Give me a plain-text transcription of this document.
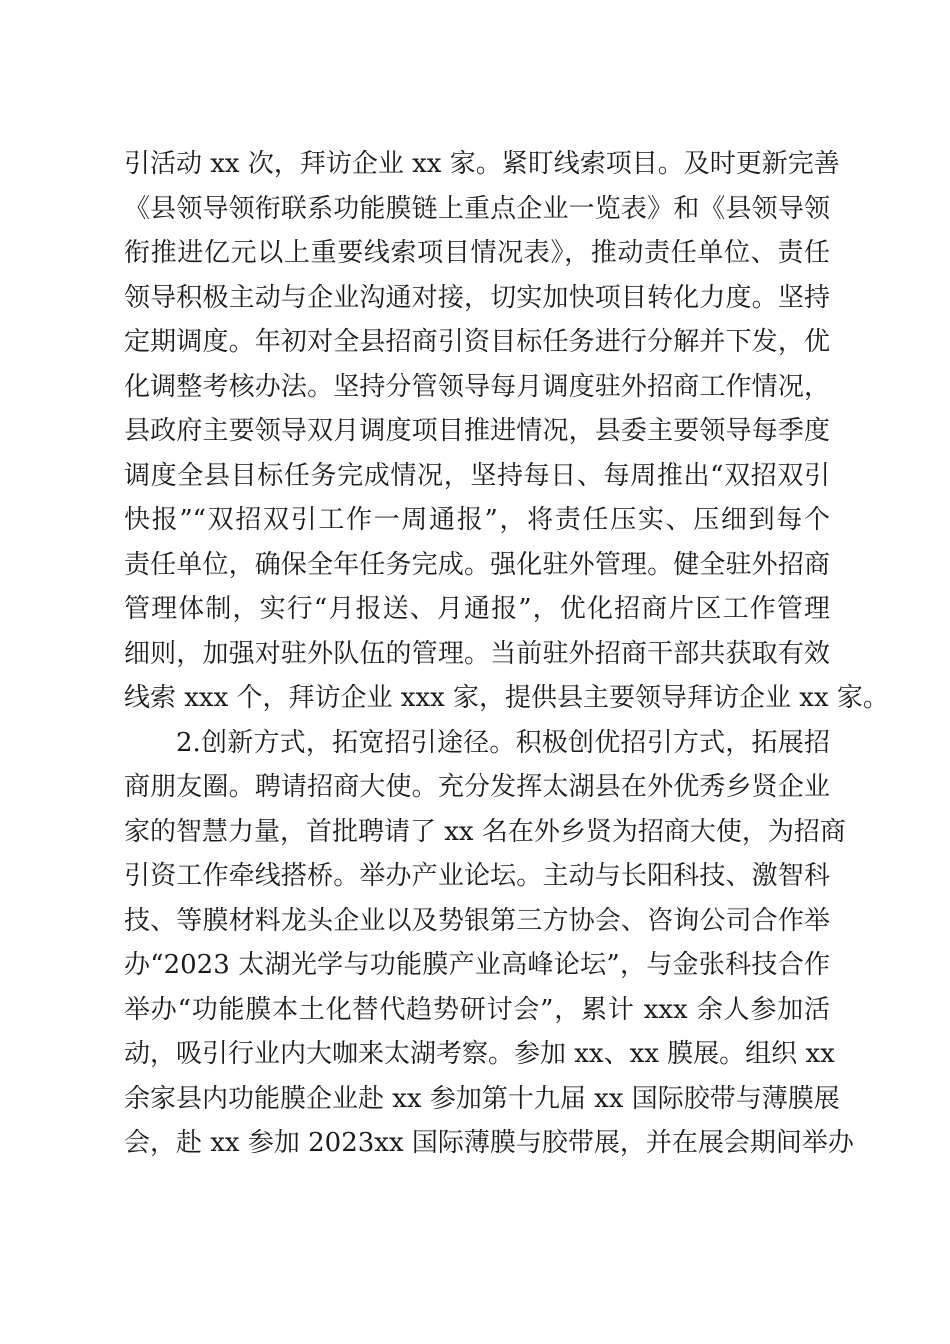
引活动 xx 次，拜访企业 xx 家。紧盯线索项目。及时更新完善
《县领导领衔联系功能膜链上重点企业一览表》和《县领导领
衔推进亿元以上重要线索项目情况表》，推动责任单位、责任
领导积极主动与企业沟通对接，切实加快项目转化力度。坚持
定期调度。年初对全县招商引资目标任务进行分解并下发，优
化调整考核办法。坚持分管领导每月调度驻外招商工作情况，
县政府主要领导双月调度项目推进情况，县委主要领导每季度
调度全县目标任务完成情况，坚持每日、每周推出“双招双引
快报”“双招双引工作一周通报”，将责任压实、压细到每个
责任单位，确保全年任务完成。强化驻外管理。健全驻外招商
管理体制，实行“月报送、月通报”，优化招商片区工作管理
细则，加强对驻外队伍的管理。当前驻外招商干部共获取有效
线索 xxx 个，拜访企业 xxx 家，提供县主要领导拜访企业 xx 家。
2.创新方式，拓宽招引途径。积极创优招引方式，拓展招
商朋友圈。聘请招商大使。充分发挥太湖县在外优秀乡贤企业
家的智慧力量，首批聘请了 xx 名在外乡贤为招商大使，为招商
引资工作牵线搭桥。举办产业论坛。主动与长阳科技、激智科
技、等膜材料龙头企业以及势银第三方协会、咨询公司合作举
办“2023 太湖光学与功能膜产业高峰论坛”，与金张科技合作
举办“功能膜本土化替代趋势研讨会”，累计 xxx 余人参加活
动，吸引行业内大咖来太湖考察。参加 xx、xx 膜展。组织 xx
余家县内功能膜企业赴 xx 参加第十九届 xx 国际胶带与薄膜展
会，赴 xx 参加 2023xx 国际薄膜与胶带展，并在展会期间举办
